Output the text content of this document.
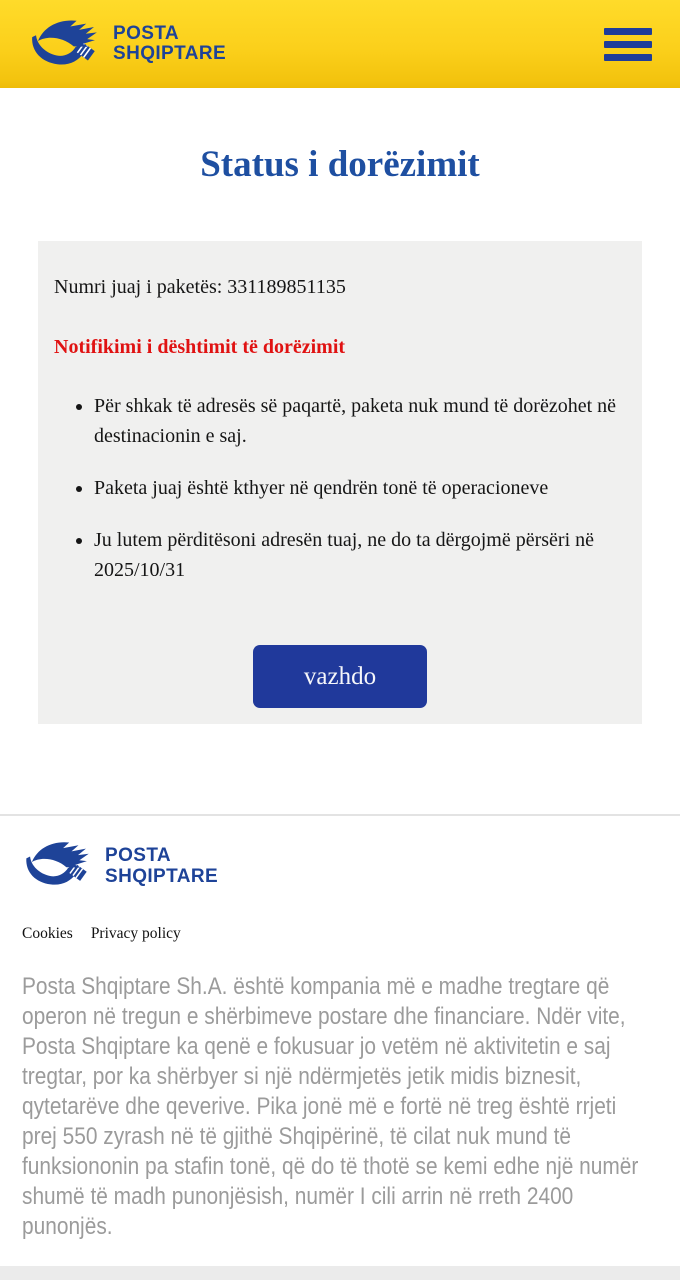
POSTA
SHQIPTARE
Status i dorëzimit
Numri juaj i paketës: 331189851135
Notifikimi i dështimit të dorëzimit
• Për shkak të adresës së paqartë, paketa nuk mund të dorëzohet në destinacionin e saj.
• Paketa juaj është kthyer në qendrën tonë të operacioneve
• Ju lutem përditësoni adresën tuaj, ne do ta dërgojmë përsëri në 2025/10/31
vazhdo
POSTA
SHQIPTARE
Cookies Privacy policy
Posta Shqiptare Sh.A. është kompania më e madhe tregtare që operon në tregun e shërbimeve postare dhe financiare. Ndër vite, Posta Shqiptare ka qenë e fokusuar jo vetëm në aktivitetin e saj tregtar, por ka shërbyer si një ndërmjetës jetik midis biznesit, qytetarëve dhe qeverive. Pika jonë më e fortë në treg është rrjeti prej 550 zyrash në të gjithë Shqipërinë, të cilat nuk mund të funksiononin pa stafin tonë, që do të thotë se kemi edhe një numër shumë të madh punonjësish, numër I cili arrin në rreth 2400 punonjës.
